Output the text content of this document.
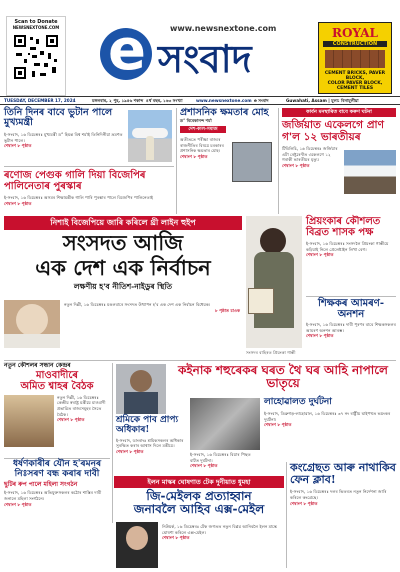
Scan to Donate
NEWSNEXTONE.COM	www.newsnextone.com
e সংবাদ
ROYAL
CONSTRUCTION
CEMENT BRICKS, PAVER BLOCK,
COLOR PAVER BLOCK,
CEMENT TILES
TUESDAY, DECEMBER 17, 2024	মঙ্গলবাৰ, ২ পুহ, ১৯৪৬ শকাব্দ ৪ৰ্থ বছৰ, ১৬৩ সংখ্যা	www.newsnextone.com e সংবাদ	Guwahati, Assam | মূল্য: বিনামূলীয়া
তিনি দিনৰ বাবে ভুটান পালে মুখ্যমন্ত্ৰী
ই-সংবাদ, ১৬ ডিচেম্বৰঃ মুখ্যমন্ত্ৰী ড° হিমন্ত বিশ্ব শৰ্মাই তিনিদিনীয়া ভ্ৰমণত ভুটান পালে।
শেষাংশ ৮ পৃষ্ঠাত
ৰণোজ পেগুক গালি দিয়া বিজেপিৰ পালিনেতাৰ পুৰস্কাৰ
ই-সংবাদ, ১৬ ডিচেম্বৰঃ অসমৰ শিক্ষামন্ত্ৰীক গালি পাৰি পুৰস্কাৰ পালে বিজেপিৰ পালিনেতাই
শেষাংশ ৮ পৃষ্ঠাত
প্ৰশাসনিক ক্ষমতাৰ মোহ
ড° বিবেকানন্দ শৰ্মা
দেশ-কাল-সমাজ
অতীততে পৰীক্ষা ৰাজ্যৰ ৰাজনীতিৰ বিষয়ে চৰকাৰৰ প্ৰশাসনিক ক্ষমতাৰ মোহ।
শেষাংশ ৮ পৃষ্ঠাত
কাৰ্বন মনস্থাৰিত বাবে কৰুণ ঘটনা
জৰ্জিয়াত একেলগে প্ৰাণ গ'ল ১২ ভাৰতীয়ৰ
টিবিলিচি, ১৬ ডিচেম্বৰঃ জৰ্জিয়াৰ এটা ৰেষ্টুৰেণ্টত একেলগে ১২ গৰাকী ভাৰতীয়ৰ মৃত্যু।
শেষাংশ ৮ পৃষ্ঠাত
নিশাই বিজেপিয়ে জাৰি কৰিলে থ্ৰী লাইন হুইপ
সংসদত আজি
এক দেশ এক নিৰ্বাচন
লক্ষণীয় হ'ব নীতিশ-নাইডুৰ স্থিতি
নতুন দিল্লী, ১৬ ডিচেম্বৰঃ মঙলবাৰে সংসদত উত্থাপন হ'ব এক দেশ এক নিৰ্বাচন বিধেয়ক।
৮ পৃষ্ঠাত চাওক
সংসদৰ বাহিৰত প্ৰিয়ংকা গান্ধী
প্ৰিয়ংকাৰ কৌশলত বিব্ৰত শাসক পক্ষ
ই-সংবাদ, ১৬ ডিচেম্বৰঃ সংসদলৈ প্ৰিয়ংকা গান্ধীয়ে কঢ়িয়াই নিলে প্ৰেলেষ্টাইন লিখা বেগ।
শেষাংশ ৮ পৃষ্ঠাত
শিক্ষকৰ আমৰণ-অনশন
ই-সংবাদ, ১৬ ডিচেম্বৰঃ দাবী পূৰণৰ বাবে শিক্ষকসকলৰ আমৰণ অনশন আৰম্ভ।
শেষাংশ ৮ পৃষ্ঠাত
নতুন কৌশলৰ সন্ধান কেন্দ্ৰৰ
মাওবাদীৰে
অমিত শ্বাহৰ বৈঠক
নতুন দিল্লী, ১৬ ডিচেম্বৰঃ কেন্দ্ৰীয় স্বৰাষ্ট্ৰ মন্ত্ৰীয়ে মাওবাদী প্ৰভাৱিত ৰাজ্যসমূহৰ সৈতে বৈঠক।
শেষাংশ ৮ পৃষ্ঠাত	শ্ৰমিকে পাব প্ৰাপ্য অধিকাৰ!
ই-সংবাদ, ডাংৰাংঃ শ্ৰমিকসকলৰ অধিকাৰ সুৰক্ষিত কৰাৰ আশ্বাস দিলে মন্ত্ৰীয়ে।
শেষাংশ ৮ পৃষ্ঠাত
কইনাক শহুৰেকৰ ঘৰত থৈ ঘৰ আহি নাপালে ভাতৃয়ে
ই-সংবাদ, ১৬ ডিচেম্বৰঃ বিয়াৰ পিছত বাটত দুৰ্ঘটনা।
শেষাংশ ৮ পৃষ্ঠাত
লাহোৱালত দুৰ্ঘটনা
ই-সংবাদ, ডিব্ৰুগড়-লাহোৱাল, ১৬ ডিচেম্বৰঃ ৩৭ নং ৰাষ্ট্ৰীয় ঘাইপথত ভয়ংকৰ দুৰ্ঘটনা।
শেষাংশ ৮ পৃষ্ঠাত
ধৰ্ষণকাৰীৰ যৌন হ'ৰমনৰ নিঃসৰণ বন্ধ কৰাৰ দাবী
ছুটিৰ ৰুপ পালে মহিলা সংগঠন
ই-সংবাদ, ১৬ ডিচেম্বৰঃ অভিযুক্তসকলৰ কঠোৰ শাস্তিৰ দাবী জনালে মহিলা সংগঠনে।
শেষাংশ ৮ পৃষ্ঠাত
ইলন মাস্কৰ ঘোষণাত টেক দুনীয়াত ধুমহা
জি-মেইলক প্ৰত্যাহ্বান
জনাবলৈ আহিব এক্স-মেইল
নিউয়ৰ্ক, ১৬ ডিচেম্বৰঃ টেক জগতত নতুন বিপ্লৱ আনিবলৈ ইলন মাস্কে ঘোষণা কৰিলে এক্স-মেইল।
শেষাংশ ৮ পৃষ্ঠাত
কংগ্ৰেছত আৰু নাথাকিব ফেন ক্লাব!
ই-সংবাদ, ১৬ ডিচেম্বৰঃ দলৰ ভিতৰত নতুন নিৰ্দেশনা জাৰি কৰিলে কংগ্ৰেছে।
শেষাংশ ৮ পৃষ্ঠাত
